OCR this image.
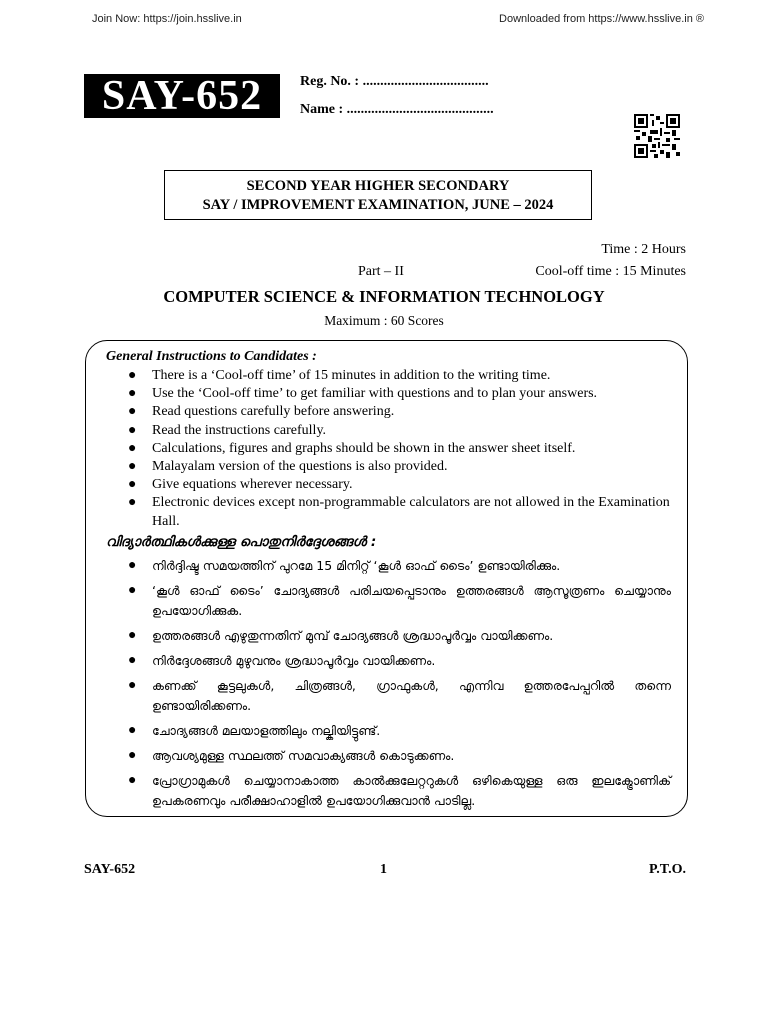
Join Now: https://join.hsslive.in	Downloaded from https://www.hsslive.in ®
SAY-652	Reg. No. : ....................................
Name : ..........................................
SECOND YEAR HIGHER SECONDARY
SAY / IMPROVEMENT EXAMINATION, JUNE – 2024
Time : 2 Hours
Part – II	Cool-off time : 15 Minutes
COMPUTER SCIENCE & INFORMATION TECHNOLOGY
Maximum : 60 Scores
General Instructions to Candidates :
● There is a ‘Cool-off time’ of 15 minutes in addition to the writing time.
● Use the ‘Cool-off time’ to get familiar with questions and to plan your answers.
● Read questions carefully before answering.
● Read the instructions carefully.
● Calculations, figures and graphs should be shown in the answer sheet itself.
● Malayalam version of the questions is also provided.
● Give equations wherever necessary.
● Electronic devices except non-programmable calculators are not allowed in the Examination Hall.
വിദ്യാർത്ഥികൾക്കുള്ള പൊതുനിർദ്ദേശങ്ങൾ :
● നിർദ്ദിഷ്ട സമയത്തിന് പുറമേ 15 മിനിറ്റ് ‘കൂൾ ഓഫ് ടൈം’ ഉണ്ടായിരിക്കും.
● ‘കൂൾ ഓഫ് ടൈം’ ചോദ്യങ്ങൾ പരിചയപ്പെടാനും ഉത്തരങ്ങൾ ആസൂത്രണം ചെയ്യാനും ഉപയോഗിക്കുക.
● ഉത്തരങ്ങൾ എഴുതുന്നതിന് മുമ്പ് ചോദ്യങ്ങൾ ശ്രദ്ധാപൂർവ്വം വായിക്കണം.
● നിർദ്ദേശങ്ങൾ മുഴുവനും ശ്രദ്ധാപൂർവ്വം വായിക്കണം.
● കണക്ക് കൂട്ടലുകൾ, ചിത്രങ്ങൾ, ഗ്രാഫുകൾ, എന്നിവ ഉത്തരപേപ്പറിൽ തന്നെ ഉണ്ടായിരിക്കണം.
● ചോദ്യങ്ങൾ മലയാളത്തിലും നല്കിയിട്ടുണ്ട്.
● ആവശ്യമുള്ള സ്ഥലത്ത് സമവാക്യങ്ങൾ കൊടുക്കണം.
● പ്രോഗ്രാമുകൾ ചെയ്യാനാകാത്ത കാൽക്കുലേറ്ററുകൾ ഒഴികെയുള്ള ഒരു ഇലക്ട്രോണിക് ഉപകരണവും പരീക്ഷാഹാളിൽ ഉപയോഗിക്കുവാൻ പാടില്ല.
SAY-652	1	P.T.O.
